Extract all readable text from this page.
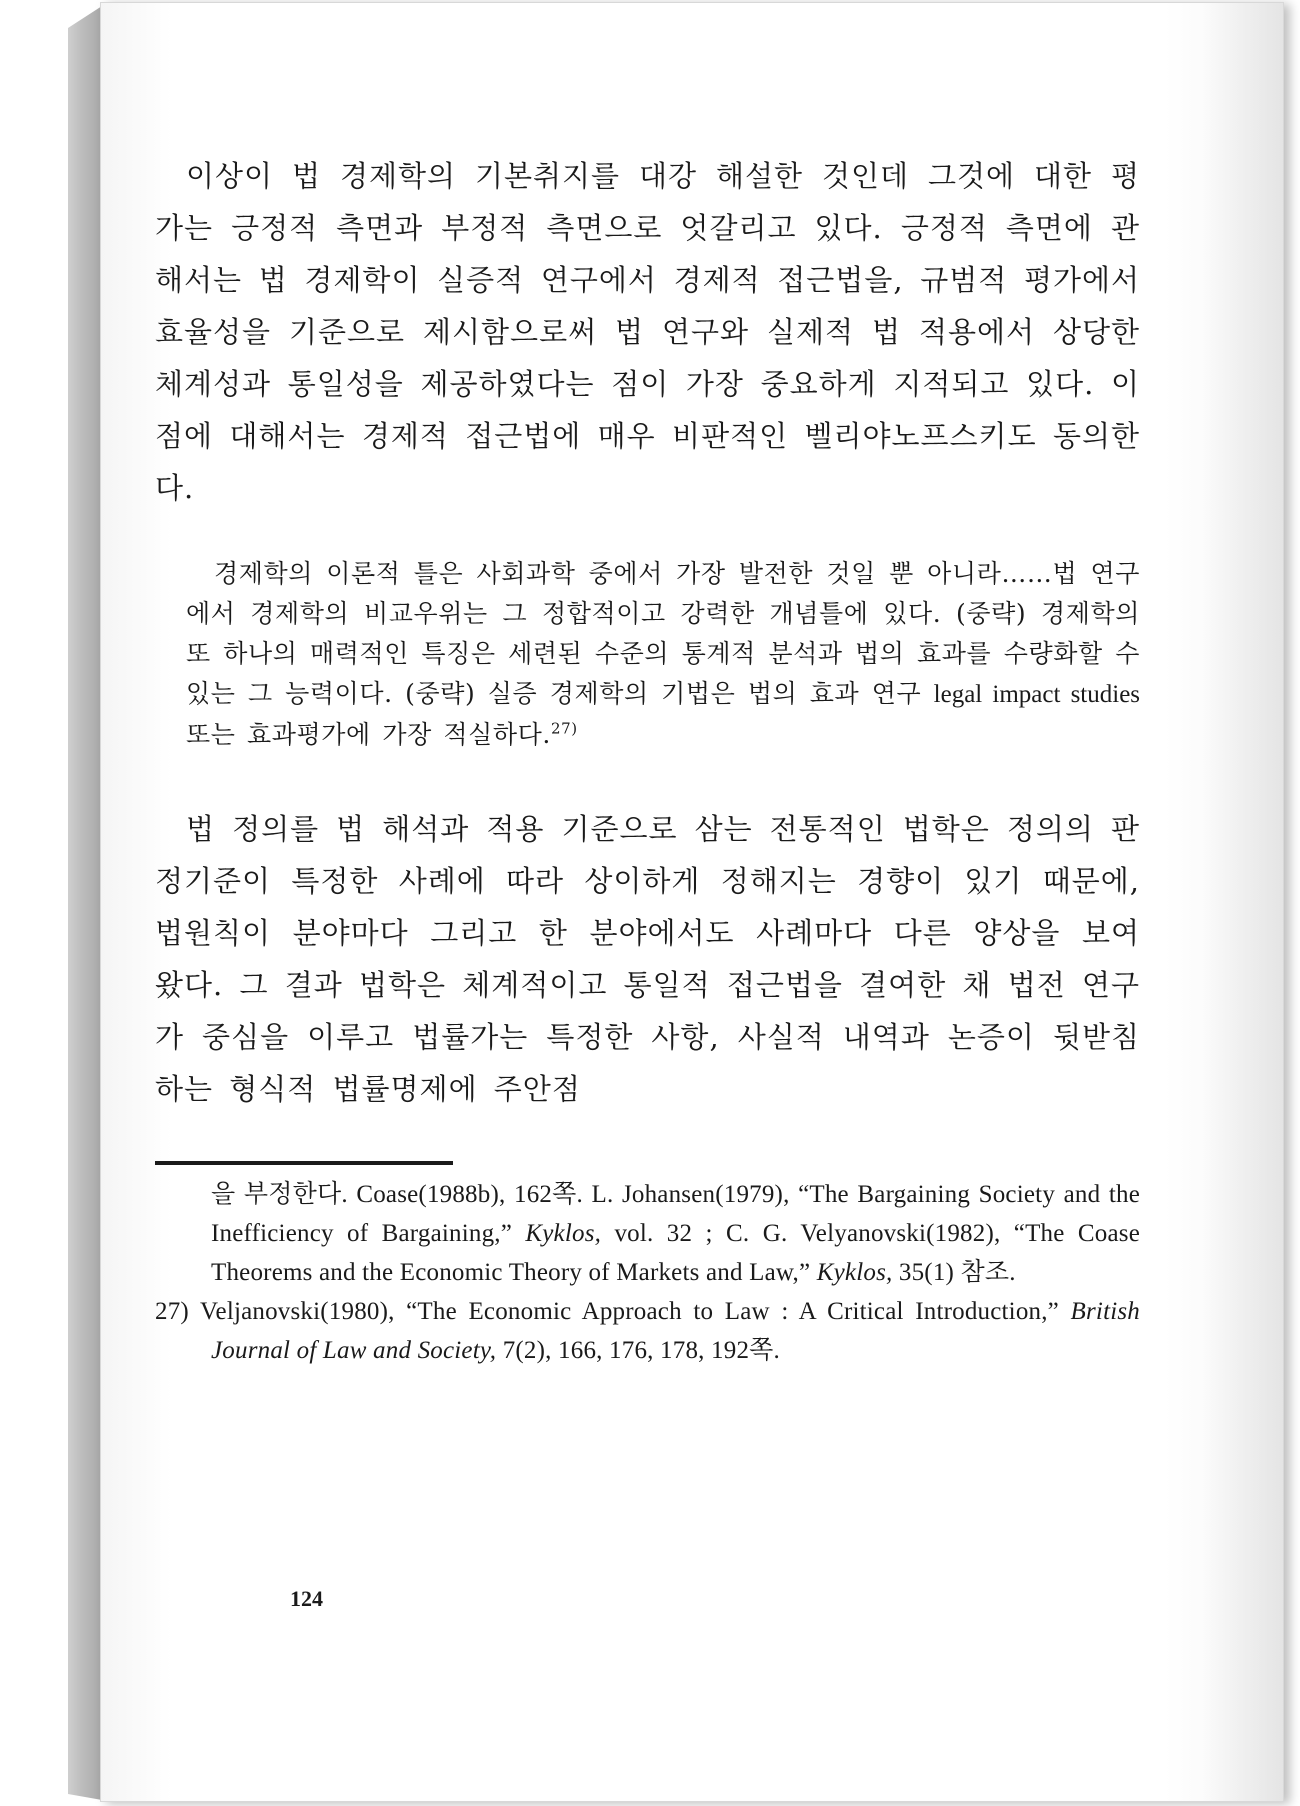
이상이 법 경제학의 기본취지를 대강 해설한 것인데 그것에 대한 평가는 긍정적 측면과 부정적 측면으로 엇갈리고 있다. 긍정적 측면에 관해서는 법 경제학이 실증적 연구에서 경제적 접근법을, 규범적 평가에서 효율성을 기준으로 제시함으로써 법 연구와 실제적 법 적용에서 상당한 체계성과 통일성을 제공하였다는 점이 가장 중요하게 지적되고 있다. 이 점에 대해서는 경제적 접근법에 매우 비판적인 벨리야노프스키도 동의한다.

경제학의 이론적 틀은 사회과학 중에서 가장 발전한 것일 뿐 아니라……법 연구에서 경제학의 비교우위는 그 정합적이고 강력한 개념틀에 있다. (중략) 경제학의 또 하나의 매력적인 특징은 세련된 수준의 통계적 분석과 법의 효과를 수량화할 수 있는 그 능력이다. (중략) 실증 경제학의 기법은 법의 효과 연구 legal impact studies 또는 효과평가에 가장 적실하다.$^{27)}$

법 정의를 법 해석과 적용 기준으로 삼는 전통적인 법학은 정의의 판정기준이 특정한 사례에 따라 상이하게 정해지는 경향이 있기 때문에, 법원칙이 분야마다 그리고 한 분야에서도 사례마다 다른 양상을 보여 왔다. 그 결과 법학은 체계적이고 통일적 접근법을 결여한 채 법전 연구가 중심을 이루고 법률가는 특정한 사항, 사실적 내역과 논증이 뒷받침하는 형식적 법률명제에 주안점

을 부정한다. Coase(1988b), 162쪽. L. Johansen(1979), “The Bargaining Society and the Inefficiency of Bargaining,” Kyklos, vol. 32 ; C. G. Velyanovski(1982), “The Coase Theorems and the Economic Theory of Markets and Law,” Kyklos, 35(1) 참조.

27) Veljanovski(1980), “The Economic Approach to Law : A Critical Introduction,” British Journal of Law and Society, 7(2), 166, 176, 178, 192쪽.

124
